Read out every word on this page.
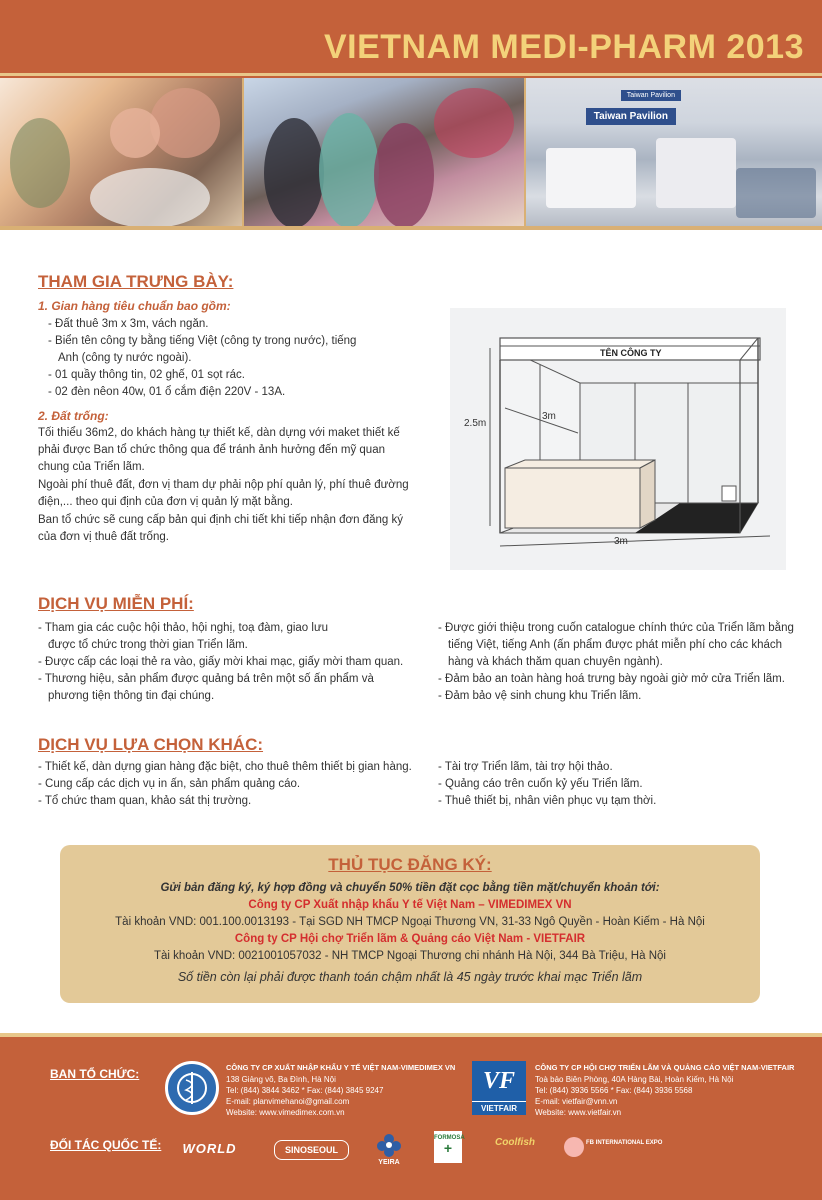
VIETNAM MEDI-PHARM 2013
Taiwan Pavilion
Taiwan Pavilion
THAM GIA TRƯNG BÀY:
1. Gian hàng tiêu chuẩn bao gồm:

- Đất thuê 3m x 3m, vách ngăn.

- Biển tên công ty bằng tiếng Việt (công ty trong nước), tiếng

Anh (công ty nước ngoài).

- 01 quầy thông tin, 02 ghế, 01 sọt rác.

- 02 đèn nêon 40w, 01 ổ cắm điện 220V - 13A.

2. Đất trống:

Tối thiểu 36m2, do khách hàng tự thiết kế, dàn dựng với maket thiết kế

phải được Ban tổ chức thông qua để tránh ảnh hưởng đến mỹ quan

chung của Triển lãm.

Ngoài phí thuê đất, đơn vị tham dự phải nộp phí quản lý, phí thuê đường

điện,... theo qui định của đơn vị quản lý mặt bằng.

Ban tổ chức sẽ cung cấp bản qui định chi tiết khi tiếp nhận đơn đăng ký

của đơn vị thuê đất trống.

TÊN CÔNG TY
2.5m
3m
3m
DỊCH VỤ MIỄN PHÍ:

- Tham gia các cuộc hội thảo, hội nghị, toạ đàm, giao lưu

được tổ chức trong thời gian Triển lãm.

- Được cấp các loại thẻ ra vào, giấy mời khai mạc, giấy mời tham quan.

- Thương hiệu, sản phẩm được quảng bá trên một số ấn phẩm và

phương tiện thông tin đại chúng.

- Được giới thiệu trong cuốn catalogue chính thức của Triển lãm bằng

tiếng Việt, tiếng Anh (ấn phẩm được phát miễn phí cho các khách

hàng và khách thăm quan chuyên ngành).

- Đảm bảo an toàn hàng hoá trưng bày ngoài giờ mở cửa Triển lãm.

- Đảm bảo vệ sinh chung khu Triển lãm.

DỊCH VỤ LỰA CHỌN KHÁC:

- Thiết kế, dàn dựng gian hàng đặc biệt, cho thuê thêm thiết bị gian hàng.

- Cung cấp các dịch vụ in ấn, sản phẩm quảng cáo.

- Tổ chức tham quan, khảo sát thị trường.

- Tài trợ Triển lãm, tài trợ hội thảo.

- Quảng cáo trên cuốn kỷ yếu Triển lãm.

- Thuê thiết bị, nhân viên phục vụ tạm thời.

THỦ TỤC ĐĂNG KÝ:
Gửi bản đăng ký, ký hợp đồng và chuyển 50% tiền đặt cọc bằng tiền mặt/chuyển khoản tới:
Công ty CP Xuất nhập khẩu Y tế Việt Nam – VIMEDIMEX VN
Tài khoản VND: 001.100.0013193 - Tại SGD NH TMCP Ngoại Thương VN, 31-33 Ngô Quyền - Hoàn Kiếm - Hà Nội
Công ty CP Hội chợ Triển lãm & Quảng cáo Việt Nam - VIETFAIR
Tài khoản VND: 0021001057032 - NH TMCP Ngoại Thương chi nhánh Hà Nội, 344 Bà Triệu, Hà Nội
Số tiền còn lại phải được thanh toán chậm nhất là 45 ngày trước khai mạc Triển lãm
BAN TỔ CHỨC:	CÔNG TY CP XUẤT NHẬP KHẨU Y TẾ VIỆT NAM-VIMEDIMEX VN
138 Giảng võ, Ba Đình, Hà Nội
Tel: (844) 3844 3462 * Fax: (844) 3845 9247
E-mail: planvimehanoi@gmail.com
Website: www.vimedimex.com.vn
VF
VIETFAIR
CÔNG TY CP HỘI CHỢ TRIỂN LÃM VÀ QUẢNG CÁO VIỆT NAM-VIETFAIR
Toà bảo Biên Phòng, 40A Hàng Bài, Hoàn Kiếm, Hà Nội
Tel: (844) 3936 5566 * Fax: (844) 3936 5568
E-mail: vietfair@vnn.vn
Website: www.vietfair.vn
ĐỐI TÁC QUỐC TẾ:	WORLD	SINOSEOUL
YEIRA
FORMOSA
+	Coolfish	FB INTERNATIONAL EXPO
